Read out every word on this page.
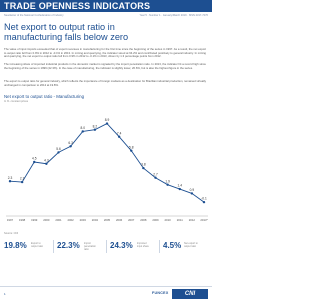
TRADE OPENNESS INDICATORS
Newsletter of the National Confederation of Industry	Year 5 · Number 1 · January/March 2019 · ISSN 2317-7276
Net export to output ratio in manufacturing falls below zero

The value of input imports exceeded that of export revenues in manufacturing for the first time since the beginning of the series in 1997. As a result, the net export to output ratio fell from 0.9% in 2012 to -0.1% in 2013. In mining and quarrying, the indicator stood at 64.2% and contributed positively to general industry. In mining and quarrying, the net export to output ratio fell from 0.9% in 2012 to -0.1% in 2013, driven by 1.3 percentage points from 2012.

The increasing share of imported industrial products in the domestic market is signaled by the import penetration ratio. In 2013, the indicator hit a record high since the beginning of the series in 1996 (22.3%). In the case of manufacturing, the indicator is slightly lower, 20.6%, but is also the highest figure in the series.

The export to output ratio for general industry, which reflects the importance of foreign markets as a destination for Brazilian industrial production, remained virtually unchanged in comparison to 2012 at 19.8%.

Net export to output ratio - Manufacturing
In %. constant prices
2.3 2.2
4.5 4.3
5.6
6.3
8.0 8.2
8.9
7.4
5.8
3.8
2.7
1.9
1.4
0.9
-0.1
1997 1998 1999 2000 2001 2002 2003 2004 2005 2006 2007 2008 2009 2010 2011 2012 2013*
Source: CNI
19.8% Export to output ratio 22.3% Import penetration ratio	24.3% Imported input share 4.5% Net export to output ratio
1	FUNCEX	CNI
